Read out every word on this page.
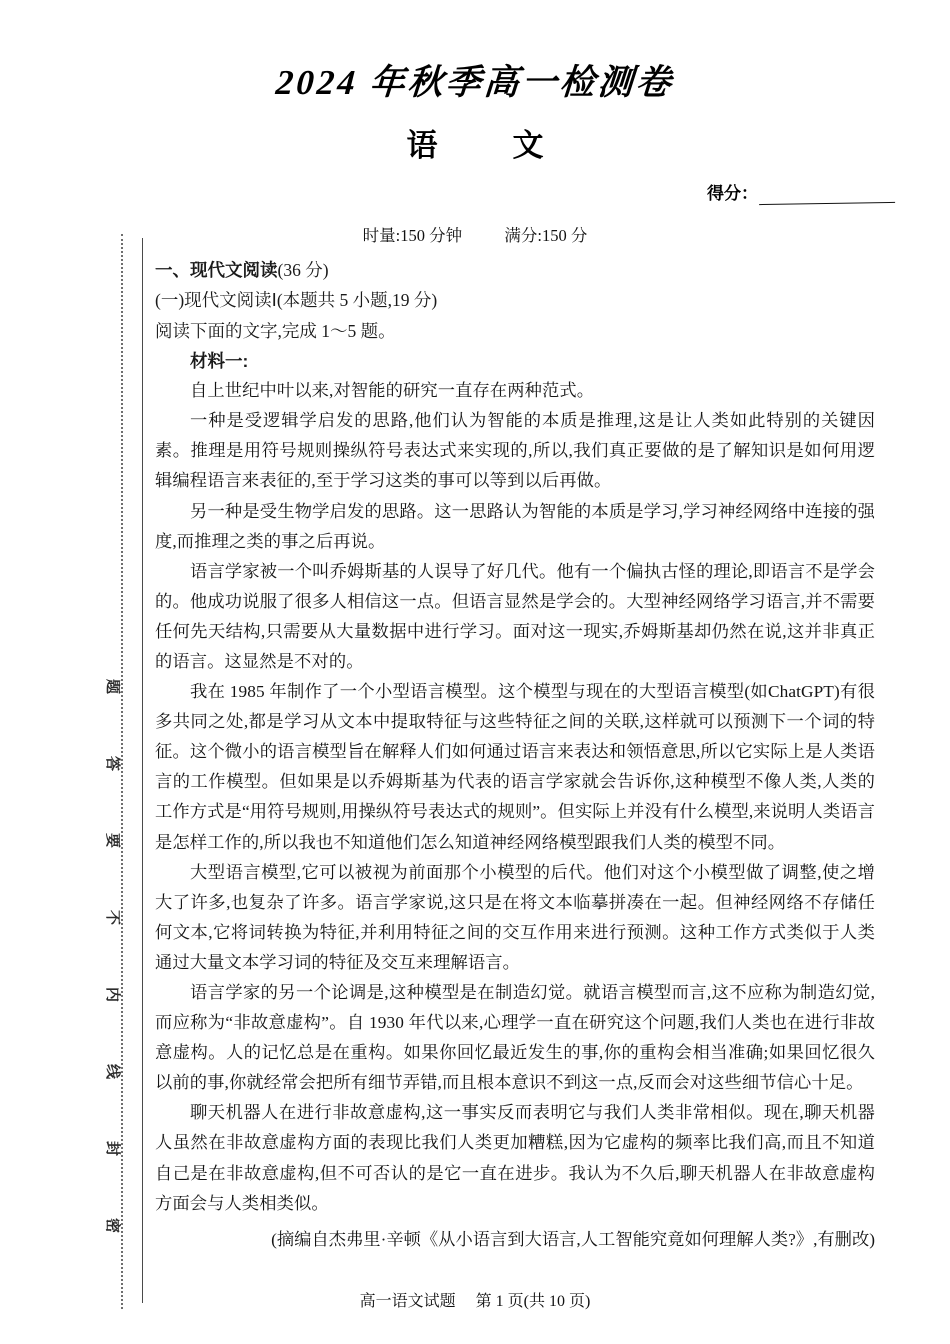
密封线内不要答题
2024 年秋季高一检测卷
语　文
得分：
时量:150 分钟	满分:150 分
一、现代文阅读(36 分)
(一)现代文阅读Ⅰ(本题共 5 小题,19 分)
阅读下面的文字,完成 1～5 题。
材料一:

自上世纪中叶以来,对智能的研究一直存在两种范式。

一种是受逻辑学启发的思路,他们认为智能的本质是推理,这是让人类如此特别的关键因素。推理是用符号规则操纵符号表达式来实现的,所以,我们真正要做的是了解知识是如何用逻辑编程语言来表征的,至于学习这类的事可以等到以后再做。

另一种是受生物学启发的思路。这一思路认为智能的本质是学习,学习神经网络中连接的强度,而推理之类的事之后再说。

语言学家被一个叫乔姆斯基的人误导了好几代。他有一个偏执古怪的理论,即语言不是学会的。他成功说服了很多人相信这一点。但语言显然是学会的。大型神经网络学习语言,并不需要任何先天结构,只需要从大量数据中进行学习。面对这一现实,乔姆斯基却仍然在说,这并非真正的语言。这显然是不对的。

我在 1985 年制作了一个小型语言模型。这个模型与现在的大型语言模型(如ChatGPT)有很多共同之处,都是学习从文本中提取特征与这些特征之间的关联,这样就可以预测下一个词的特征。这个微小的语言模型旨在解释人们如何通过语言来表达和领悟意思,所以它实际上是人类语言的工作模型。但如果是以乔姆斯基为代表的语言学家就会告诉你,这种模型不像人类,人类的工作方式是“用符号规则,用操纵符号表达式的规则”。但实际上并没有什么模型,来说明人类语言是怎样工作的,所以我也不知道他们怎么知道神经网络模型跟我们人类的模型不同。

大型语言模型,它可以被视为前面那个小模型的后代。他们对这个小模型做了调整,使之增大了许多,也复杂了许多。语言学家说,这只是在将文本临摹拼凑在一起。但神经网络不存储任何文本,它将词转换为特征,并利用特征之间的交互作用来进行预测。这种工作方式类似于人类通过大量文本学习词的特征及交互来理解语言。

语言学家的另一个论调是,这种模型是在制造幻觉。就语言模型而言,这不应称为制造幻觉,而应称为“非故意虚构”。自 1930 年代以来,心理学一直在研究这个问题,我们人类也在进行非故意虚构。人的记忆总是在重构。如果你回忆最近发生的事,你的重构会相当准确;如果回忆很久以前的事,你就经常会把所有细节弄错,而且根本意识不到这一点,反而会对这些细节信心十足。

聊天机器人在进行非故意虚构,这一事实反而表明它与我们人类非常相似。现在,聊天机器人虽然在非故意虚构方面的表现比我们人类更加糟糕,因为它虚构的频率比我们高,而且不知道自己是在非故意虚构,但不可否认的是它一直在进步。我认为不久后,聊天机器人在非故意虚构方面会与人类相类似。

(摘编自杰弗里·辛顿《从小语言到大语言,人工智能究竟如何理解人类?》,有删改)

高一语文试题 第 1 页(共 10 页)
